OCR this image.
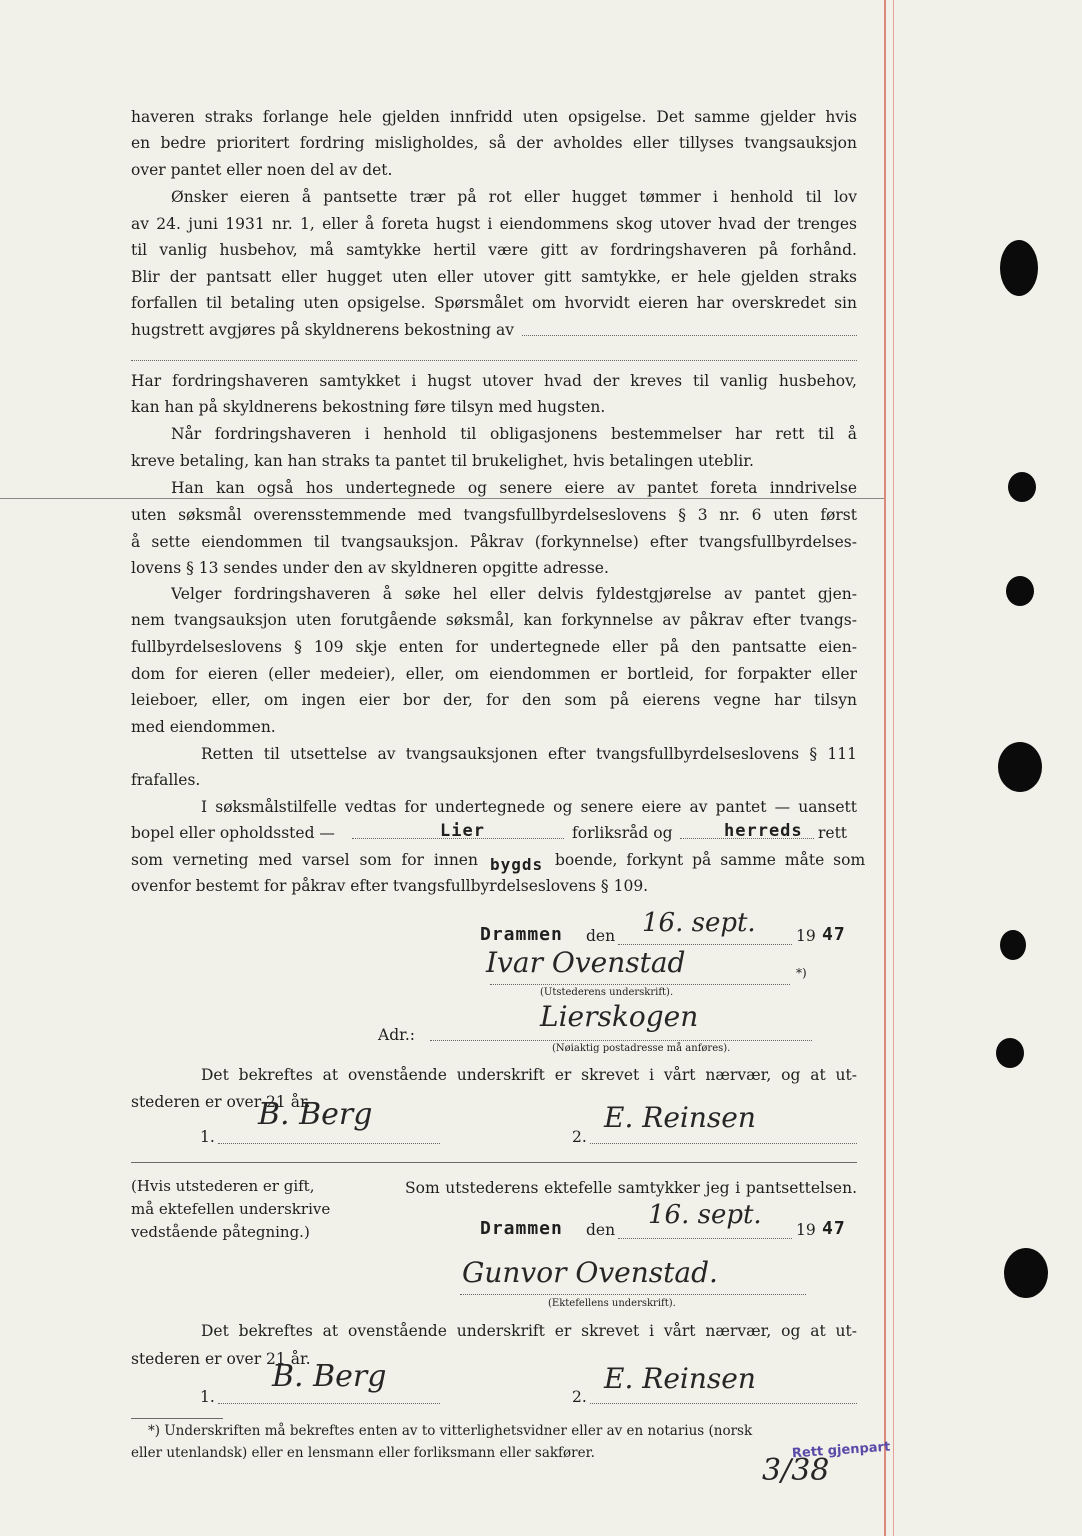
haveren straks forlange hele gjelden innfridd uten opsigelse. Det samme gjelder hvis
en bedre prioritert fordring misligholdes, så der avholdes eller tillyses tvangsauksjon
over pantet eller noen del av det.
Ønsker eieren å pantsette trær på rot eller hugget tømmer i henhold til lov
av 24. juni 1931 nr. 1, eller å foreta hugst i eiendommens skog utover hvad der trenges
til vanlig husbehov, må samtykke hertil være gitt av fordringshaveren på forhånd.
Blir der pantsatt eller hugget uten eller utover gitt samtykke, er hele gjelden straks
forfallen til betaling uten opsigelse. Spørsmålet om hvorvidt eieren har overskredet sin
hugstrett avgjøres på skyldnerens bekostning av
Har fordringshaveren samtykket i hugst utover hvad der kreves til vanlig husbehov,
kan han på skyldnerens bekostning føre tilsyn med hugsten.
Når fordringshaveren i henhold til obligasjonens bestemmelser har rett til å
kreve betaling, kan han straks ta pantet til brukelighet, hvis betalingen uteblir.
Han kan også hos undertegnede og senere eiere av pantet foreta inndrivelse
uten søksmål overensstemmende med tvangsfullbyrdelseslovens § 3 nr. 6 uten først
å sette eiendommen til tvangsauksjon. Påkrav (forkynnelse) efter tvangsfullbyrdelses-
lovens § 13 sendes under den av skyldneren opgitte adresse.
Velger fordringshaveren å søke hel eller delvis fyldestgjørelse av pantet gjen-
nem tvangsauksjon uten forutgående søksmål, kan forkynnelse av påkrav efter tvangs-
fullbyrdelseslovens § 109 skje enten for undertegnede eller på den pantsatte eien-
dom for eieren (eller medeier), eller, om eiendommen er bortleid, for forpakter eller
leieboer, eller, om ingen eier bor der, for den som på eierens vegne har tilsyn
med eiendommen.
Retten til utsettelse av tvangsauksjonen efter tvangsfullbyrdelseslovens § 111
frafalles.
I søksmålstilfelle vedtas for undertegnede og senere eiere av pantet — uansett
bopel eller opholdssted —	Lier	forliksråd og	herreds rett
som verneting med varsel som for innen bygds boende, forkynt på samme måte som
ovenfor bestemt for påkrav efter tvangsfullbyrdelseslovens § 109.
Drammen den 16. sept.	19 47
Ivar Ovenstad	*)
(Utstederens underskrift).
Adr.:
Lierskogen
(Nøiaktig postadresse må anføres).
Det bekreftes at ovenstående underskrift er skrevet i vårt nærvær, og at ut-
stederen er over 21 år.
1.
B. Berg
2.
E. Reinsen
(Hvis utstederen er gift,
må ektefellen underskrive
vedstående påtegning.)
Som utstederens ektefelle samtykker jeg i pantsettelsen.
Drammen den 16. sept. 19 47
Gunvor Ovenstad.
(Ektefellens underskrift).
Det bekreftes at ovenstående underskrift er skrevet i vårt nærvær, og at ut-
stederen er over 21 år.
1.
B. Berg
2.
E. Reinsen
*) Underskriften må bekreftes enten av to vitterlighetsvidner eller av en notarius (norsk
eller utenlandsk) eller en lensmann eller forliksmann eller sakfører.	Rett gjenpart
3/38
